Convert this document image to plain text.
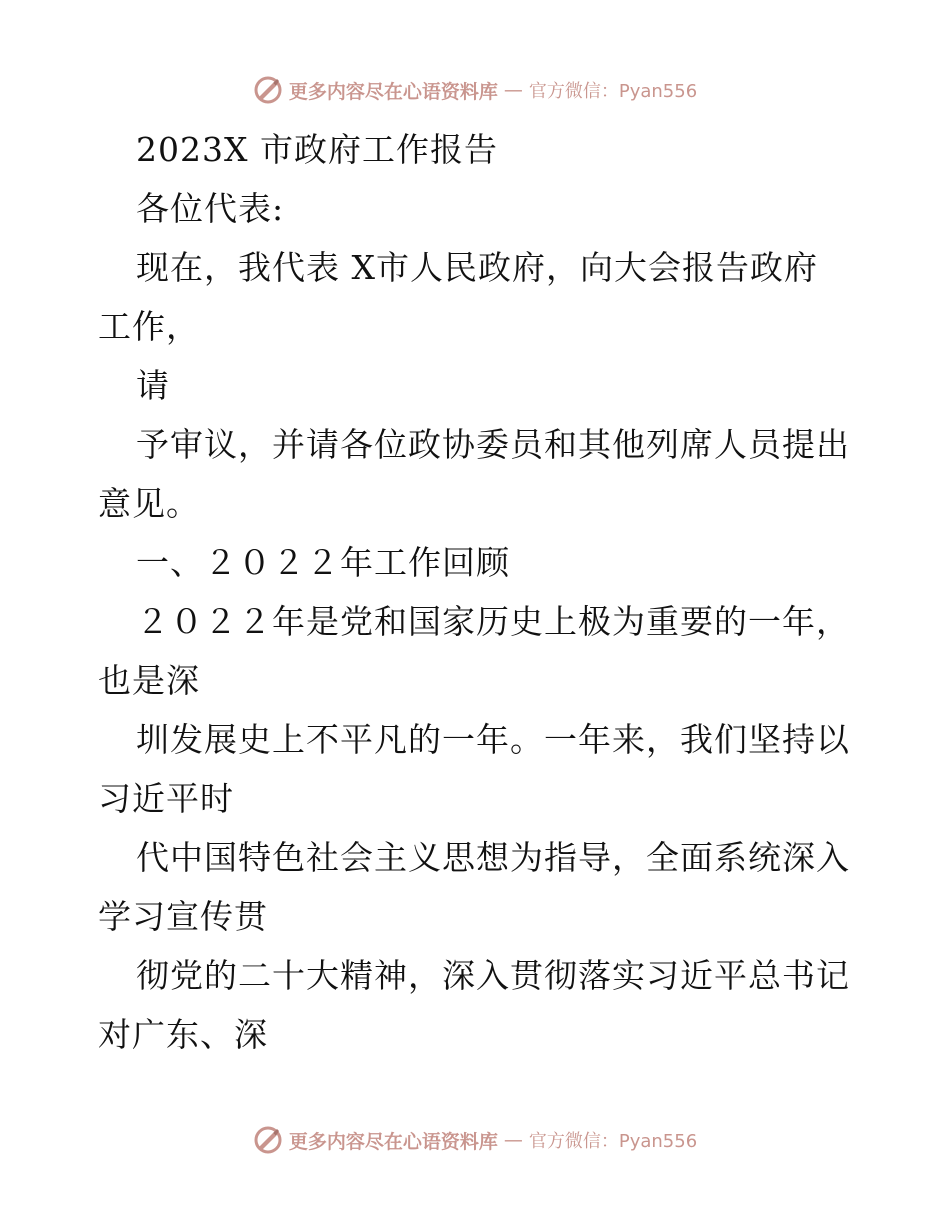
更多内容尽在心语资料库 — 官方微信：Pyan556
2023X 市政府工作报告
各位代表:
现在，我代表 X市人民政府，向大会报告政府
工作，
请
予审议，并请各位政协委员和其他列席人员提出
意见。
一、２０２２年工作回顾
２０２２年是党和国家历史上极为重要的一年，
也是深
圳发展史上不平凡的一年。一年来，我们坚持以
习近平时
代中国特色社会主义思想为指导，全面系统深入
学习宣传贯
彻党的二十大精神，深入贯彻落实习近平总书记
对广东、深
更多内容尽在心语资料库 — 官方微信：Pyan556
